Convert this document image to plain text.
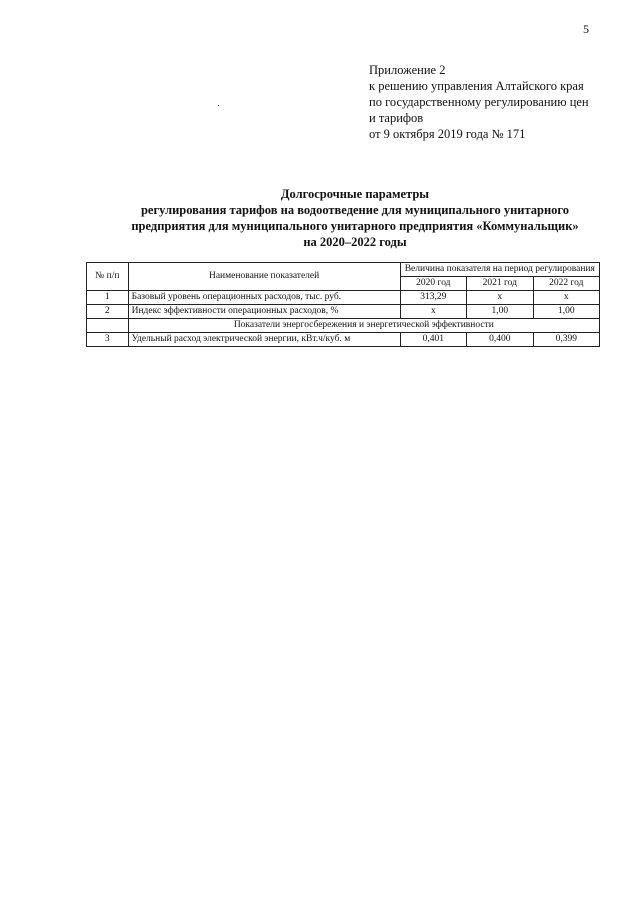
5
Приложение 2
к решению управления Алтайского края
по государственному регулированию цен
и тарифов
от 9 октября 2019 года № 171
Долгосрочные параметры
регулирования тарифов на водоотведение для муниципального унитарного
предприятия для муниципального унитарного предприятия «Коммунальщик»
на 2020–2022 годы
№ п/п	Наименование показателей	Величина показателя на период регулирования		
		2020 год	2021 год	2022 год
1	Базовый уровень операционных расходов, тыс. руб.	313,29	х	х
2	Индекс эффективности операционных расходов, %	х	1,00	1,00
	Показатели энергосбережения и энергетической эффективности			
3	Удельный расход электрической энергии, кВт.ч/куб. м	0,401	0,400	0,399
